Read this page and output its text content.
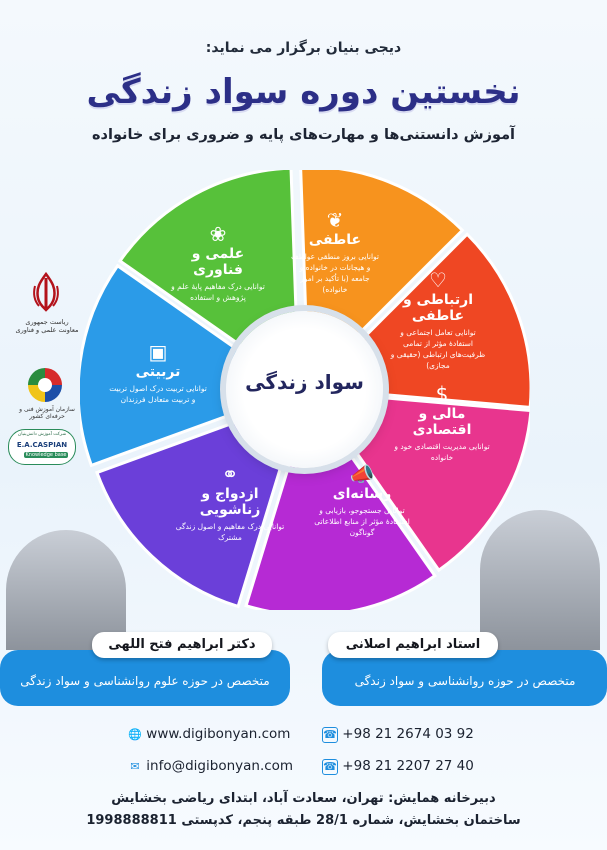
دیجی بنیان برگزار می نماید:
نخستین دوره سواد زندگی
آموزش دانستنی‌ها و مهارت‌های پایه و ضروری برای خانواده
ریاست جمهوری
معاونت علمی و فناوری
سازمان آموزش فنی و حرفه‌ای کشور
شرکت آموزش دانش‌بنیان
E.A.CASPIAN
Knowledge base
سواد زندگی
❦
عاطفی
توانایی بروز منطقی عواطف و هیجانات در خانواده و جامعه (با تأکید بر امور خانواده)	♡
ارتباطی و عاطفی
توانایی تعامل اجتماعی و استفادهٔ مؤثر از تمامی ظرفیت‌های ارتباطی (حقیقی و مجازی)
$
مالی و اقتصادی
توانایی مدیریت اقتصادی خود و خانواده
📣
رسانه‌ای
توانایی جستجوجو، بازیابی و استفادهٔ مؤثر از منابع اطلاعاتی گوناگون
⚭
ازدواج و زناشویی
توانایی درک مفاهیم و اصول زندگی مشترک
▣
تربیتی
توانایی تربیت درک اصول تربیت و تربیت متعادل فرزندان
❀
علمی و فناوری
توانایی درک مفاهیم پایهٔ علم و پژوهش و استفاده
دکتر ابراهیم فتح اللهی
متخصص در حوزه علوم روانشناسی و سواد زندگی
استاد ابراهیم اصلانی
متخصص در حوزه روانشناسی و سواد زندگی
🌐 www.digibonyan.com
✉ info@digibonyan.com
☎ +98 21 2674 03 92
☎ +98 21 2207 27 40
دبیرخانه همایش: تهران، سعادت آباد، ابتدای ریاضی بخشایش
ساختمان بخشایش، شماره 28/1 طبقه پنجم، کدپستی 1998888811
